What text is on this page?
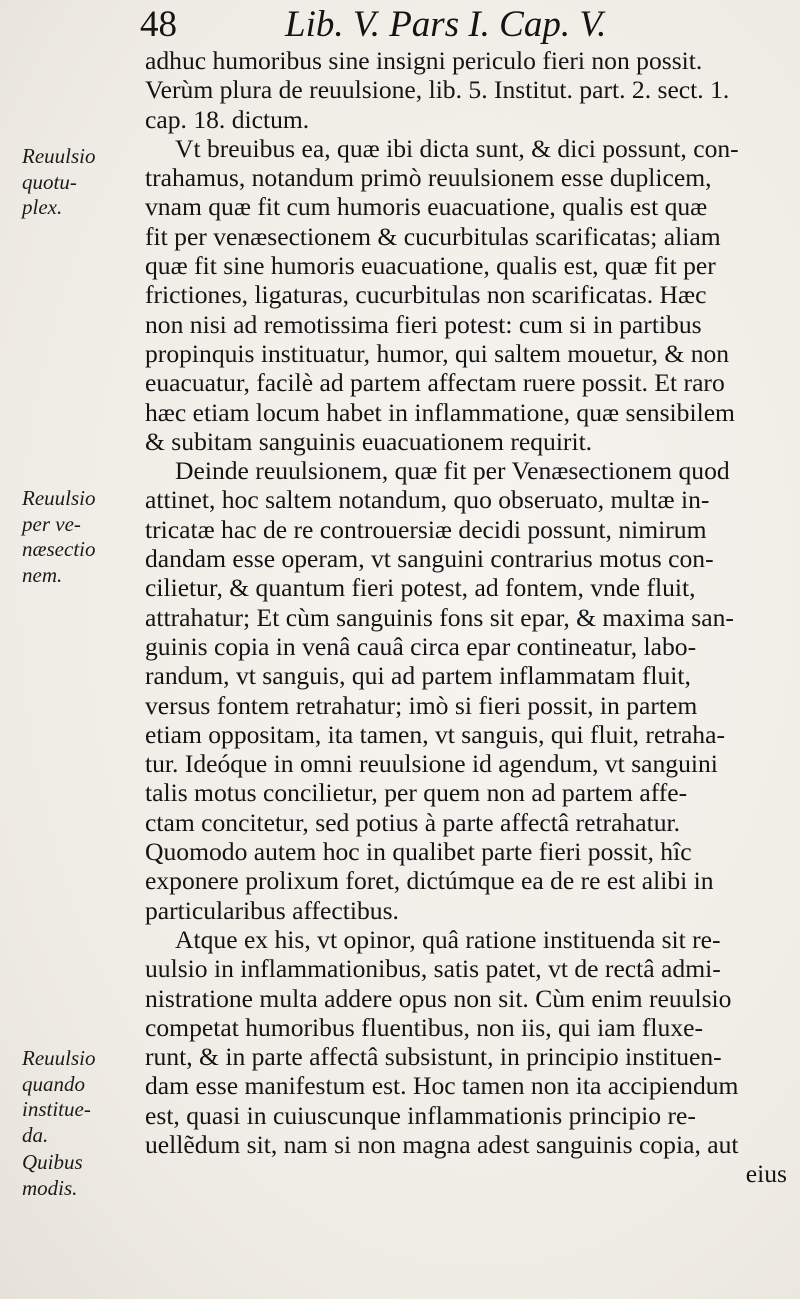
48	Lib. V. Pars I. Cap. V.
Reuulsio
quotu-
plex.
Reuulsio
per ve-
næsectio
nem.
Reuulsio
quando
institue-
da.
Quibus
modis.
adhuc humoribus sine insigni periculo fieri non possit.
Verùm plura de reuulsione, lib. 5. Institut. part. 2. sect. 1.
cap. 18. dictum.
Vt breuibus ea, quæ ibi dicta sunt, & dici possunt, con-
trahamus, notandum primò reuulsionem esse duplicem,
vnam quæ fit cum humoris euacuatione, qualis est quæ
fit per venæsectionem & cucurbitulas scarificatas; aliam
quæ fit sine humoris euacuatione, qualis est, quæ fit per
frictiones, ligaturas, cucurbitulas non scarificatas. Hæc
non nisi ad remotissima fieri potest: cum si in partibus
propinquis instituatur, humor, qui saltem mouetur, & non
euacuatur, facilè ad partem affectam ruere possit. Et raro
hæc etiam locum habet in inflammatione, quæ sensibilem
& subitam sanguinis euacuationem requirit.
Deinde reuulsionem, quæ fit per Venæsectionem quod
attinet, hoc saltem notandum, quo obseruato, multæ in-
tricatæ hac de re controuersiæ decidi possunt, nimirum
dandam esse operam, vt sanguini contrarius motus con-
cilietur, & quantum fieri potest, ad fontem, vnde fluit,
attrahatur; Et cùm sanguinis fons sit epar, & maxima san-
guinis copia in venâ cauâ circa epar contineatur, labo-
randum, vt sanguis, qui ad partem inflammatam fluit,
versus fontem retrahatur; imò si fieri possit, in partem
etiam oppositam, ita tamen, vt sanguis, qui fluit, retraha-
tur. Ideóque in omni reuulsione id agendum, vt sanguini
talis motus concilietur, per quem non ad partem affe-
ctam concitetur, sed potius à parte affectâ retrahatur.
Quomodo autem hoc in qualibet parte fieri possit, hîc
exponere prolixum foret, dictúmque ea de re est alibi in
particularibus affectibus.
Atque ex his, vt opinor, quâ ratione instituenda sit re-
uulsio in inflammationibus, satis patet, vt de rectâ admi-
nistratione multa addere opus non sit. Cùm enim reuulsio
competat humoribus fluentibus, non iis, qui iam fluxe-
runt, & in parte affectâ subsistunt, in principio instituen-
dam esse manifestum est. Hoc tamen non ita accipiendum
est, quasi in cuiuscunque inflammationis principio re-
uellẽdum sit, nam si non magna adest sanguinis copia, aut
eius
